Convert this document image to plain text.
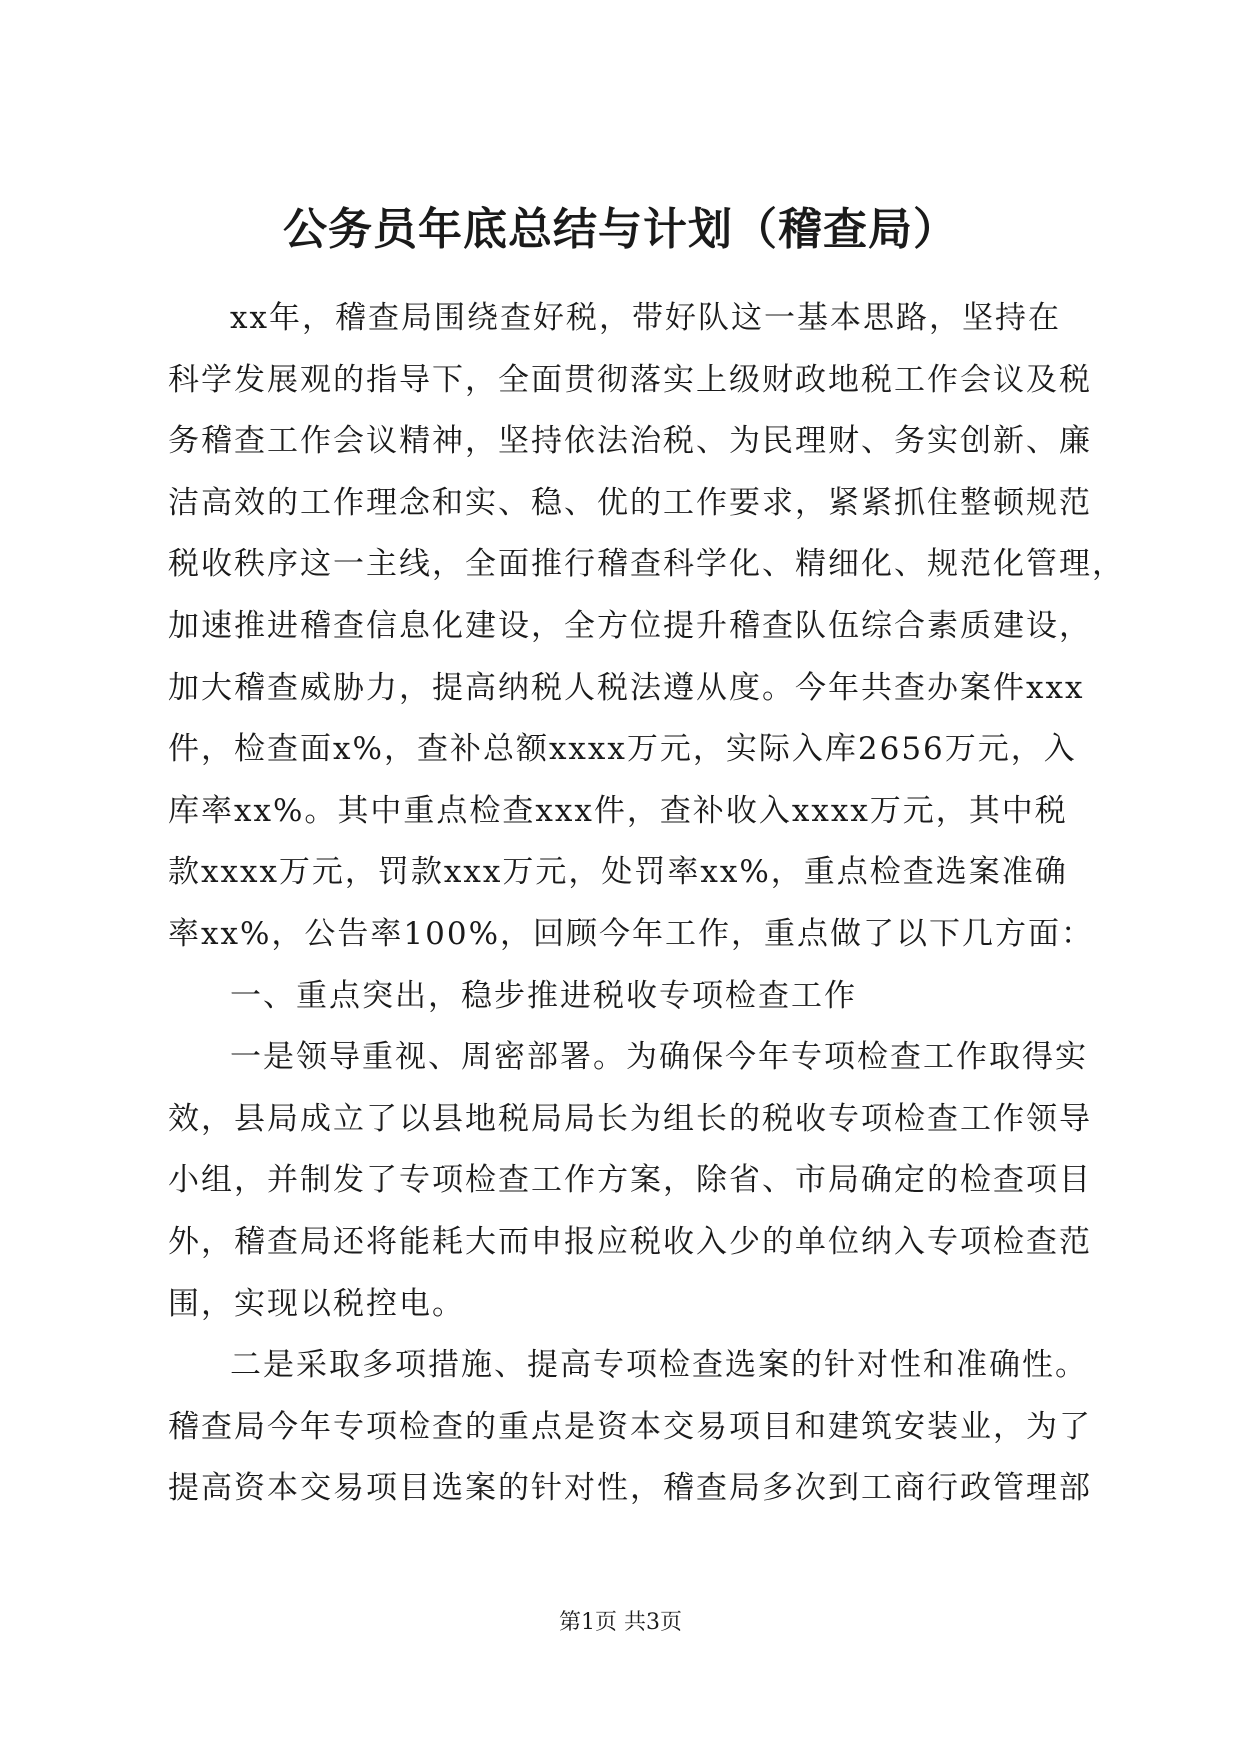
公务员年底总结与计划（稽查局）
xx年，稽查局围绕查好税，带好队这一基本思路，坚持在
科学发展观的指导下，全面贯彻落实上级财政地税工作会议及税
务稽查工作会议精神，坚持依法治税、为民理财、务实创新、廉
洁高效的工作理念和实、稳、优的工作要求，紧紧抓住整顿规范
税收秩序这一主线，全面推行稽查科学化、精细化、规范化管理，
加速推进稽查信息化建设，全方位提升稽查队伍综合素质建设，
加大稽查威胁力，提高纳税人税法遵从度。今年共查办案件xxx
件，检查面x%，查补总额xxxx万元，实际入库2656万元，入
库率xx%。其中重点检查xxx件，查补收入xxxx万元，其中税
款xxxx万元，罚款xxx万元，处罚率xx%，重点检查选案准确
率xx%，公告率100%，回顾今年工作，重点做了以下几方面：
一、重点突出，稳步推进税收专项检查工作
一是领导重视、周密部署。为确保今年专项检查工作取得实
效，县局成立了以县地税局局长为组长的税收专项检查工作领导
小组，并制发了专项检查工作方案，除省、市局确定的检查项目
外，稽查局还将能耗大而申报应税收入少的单位纳入专项检查范
围，实现以税控电。
二是采取多项措施、提高专项检查选案的针对性和准确性。
稽查局今年专项检查的重点是资本交易项目和建筑安装业，为了
提高资本交易项目选案的针对性，稽查局多次到工商行政管理部
第1页 共3页
